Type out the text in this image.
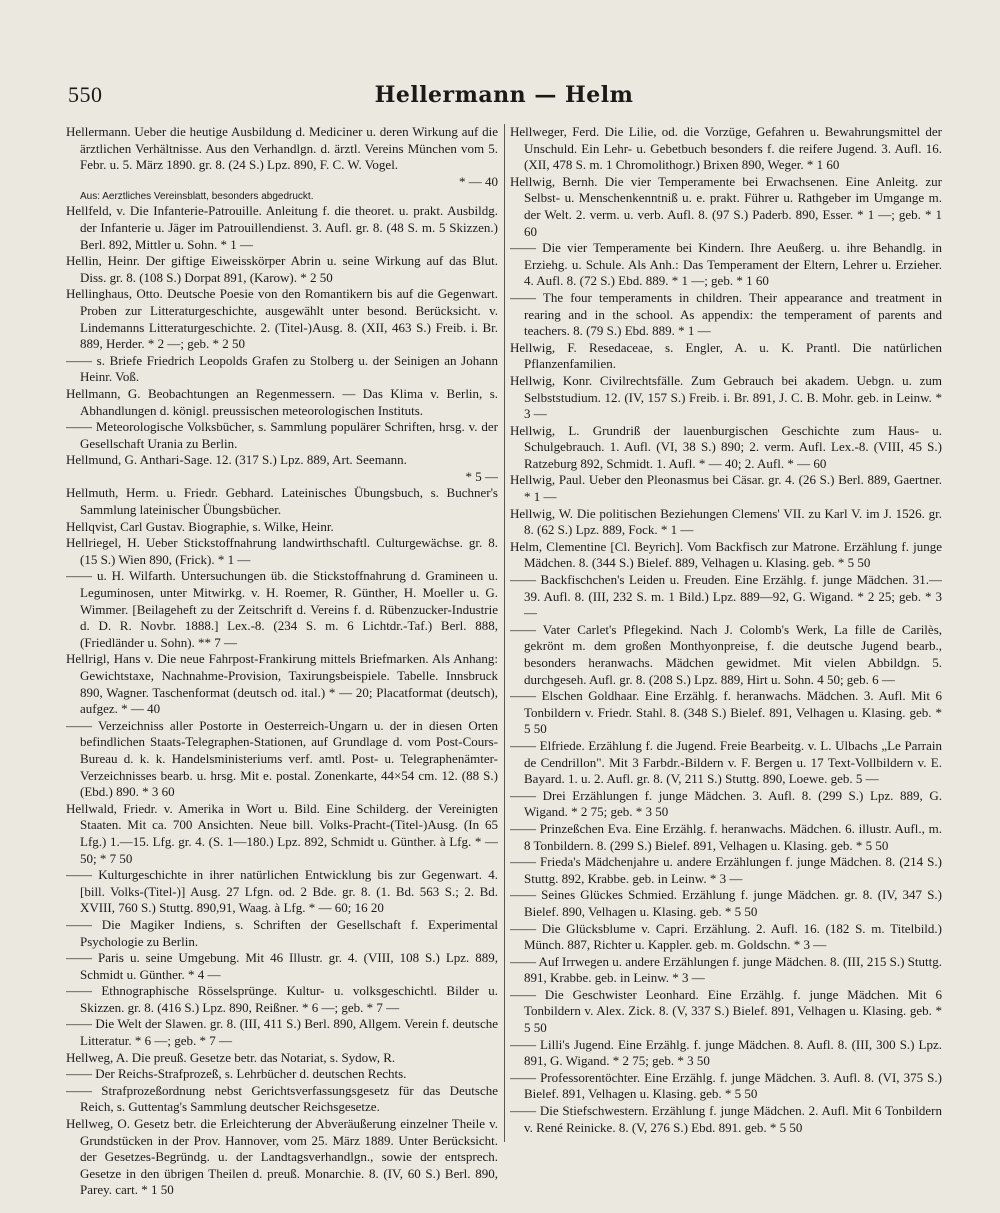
550	Hellermann — Helm

Hellermann. Ueber die heutige Ausbildung d. Mediciner u. deren Wirkung auf die ärztlichen Verhältnisse. Aus den Verhandlgn. d. ärztl. Vereins München vom 5. Febr. u. 5. März 1890. gr. 8. (24 S.) Lpz. 890, F. C. W. Vogel.

* — 40

Aus: Aerztliches Vereinsblatt, besonders abgedruckt.

Hellfeld, v. Die Infanterie-Patrouille. Anleitung f. die theoret. u. prakt. Ausbildg. der Infanterie u. Jäger im Patrouillendienst. 3. Aufl. gr. 8. (48 S. m. 5 Skizzen.) Berl. 892, Mittler u. Sohn. * 1 —

Hellin, Heinr. Der giftige Eiweisskörper Abrin u. seine Wirkung auf das Blut. Diss. gr. 8. (108 S.) Dorpat 891, (Karow). * 2 50

Hellinghaus, Otto. Deutsche Poesie von den Romantikern bis auf die Gegenwart. Proben zur Litteraturgeschichte, ausgewählt unter besond. Berücksicht. v. Lindemanns Litteraturgeschichte. 2. (Titel-)Ausg. 8. (XII, 463 S.) Freib. i. Br. 889, Herder. * 2 —; geb. * 2 50

—— s. Briefe Friedrich Leopolds Grafen zu Stolberg u. der Seinigen an Johann Heinr. Voß.

Hellmann, G. Beobachtungen an Regenmessern. — Das Klima v. Berlin, s. Abhandlungen d. königl. preussischen meteorologischen Instituts.

—— Meteorologische Volksbücher, s. Sammlung populärer Schriften, hrsg. v. der Gesellschaft Urania zu Berlin.

Hellmund, G. Anthari-Sage. 12. (317 S.) Lpz. 889, Art. Seemann.

* 5 —

Hellmuth, Herm. u. Friedr. Gebhard. Lateinisches Übungsbuch, s. Buchner's Sammlung lateinischer Übungsbücher.

Hellqvist, Carl Gustav. Biographie, s. Wilke, Heinr.

Hellriegel, H. Ueber Stickstoffnahrung landwirthschaftl. Culturgewächse. gr. 8. (15 S.) Wien 890, (Frick). * 1 —

—— u. H. Wilfarth. Untersuchungen üb. die Stickstoffnahrung d. Gramineen u. Leguminosen, unter Mitwirkg. v. H. Roemer, R. Günther, H. Moeller u. G. Wimmer. [Beilageheft zu der Zeitschrift d. Vereins f. d. Rübenzucker-Industrie d. D. R. Novbr. 1888.] Lex.-8. (234 S. m. 6 Lichtdr.-Taf.) Berl. 888, (Friedländer u. Sohn). ** 7 —

Hellrigl, Hans v. Die neue Fahrpost-Frankirung mittels Briefmarken. Als Anhang: Gewichtstaxe, Nachnahme-Provision, Taxirungsbeispiele. Tabelle. Innsbruck 890, Wagner. Taschenformat (deutsch od. ital.) * — 20; Placatformat (deutsch), aufgez. * — 40

—— Verzeichniss aller Postorte in Oesterreich-Ungarn u. der in diesen Orten befindlichen Staats-Telegraphen-Stationen, auf Grundlage d. vom Post-Cours-Bureau d. k. k. Handelsministeriums verf. amtl. Post- u. Telegraphenämter-Verzeichnisses bearb. u. hrsg. Mit e. postal. Zonenkarte, 44×54 cm. 12. (88 S.) (Ebd.) 890. * 3 60

Hellwald, Friedr. v. Amerika in Wort u. Bild. Eine Schilderg. der Vereinigten Staaten. Mit ca. 700 Ansichten. Neue bill. Volks-Pracht-(Titel-)Ausg. (In 65 Lfg.) 1.—15. Lfg. gr. 4. (S. 1—180.) Lpz. 892, Schmidt u. Günther. à Lfg. * — 50; * 7 50

—— Kulturgeschichte in ihrer natürlichen Entwicklung bis zur Gegenwart. 4. [bill. Volks-(Titel-)] Ausg. 27 Lfgn. od. 2 Bde. gr. 8. (1. Bd. 563 S.; 2. Bd. XVIII, 760 S.) Stuttg. 890,91, Waag. à Lfg. * — 60; 16 20

—— Die Magiker Indiens, s. Schriften der Gesellschaft f. Experimental Psychologie zu Berlin.

—— Paris u. seine Umgebung. Mit 46 Illustr. gr. 4. (VIII, 108 S.) Lpz. 889, Schmidt u. Günther. * 4 —

—— Ethnographische Rösselsprünge. Kultur- u. volksgeschichtl. Bilder u. Skizzen. gr. 8. (416 S.) Lpz. 890, Reißner. * 6 —; geb. * 7 —

—— Die Welt der Slawen. gr. 8. (III, 411 S.) Berl. 890, Allgem. Verein f. deutsche Litteratur. * 6 —; geb. * 7 —

Hellweg, A. Die preuß. Gesetze betr. das Notariat, s. Sydow, R.

—— Der Reichs-Strafprozeß, s. Lehrbücher d. deutschen Rechts.

—— Strafprozeßordnung nebst Gerichtsverfassungsgesetz für das Deutsche Reich, s. Guttentag's Sammlung deutscher Reichsgesetze.

Hellweg, O. Gesetz betr. die Erleichterung der Abveräußerung einzelner Theile v. Grundstücken in der Prov. Hannover, vom 25. März 1889. Unter Berücksicht. der Gesetzes-Begründg. u. der Landtagsverhandlgn., sowie der entsprech. Gesetze in den übrigen Theilen d. preuß. Monarchie. 8. (IV, 60 S.) Berl. 890, Parey. cart. * 1 50

Hellweger, Ferd. Die Lilie, od. die Vorzüge, Gefahren u. Bewahrungsmittel der Unschuld. Ein Lehr- u. Gebetbuch besonders f. die reifere Jugend. 3. Aufl. 16. (XII, 478 S. m. 1 Chromolithogr.) Brixen 890, Weger. * 1 60

Hellwig, Bernh. Die vier Temperamente bei Erwachsenen. Eine Anleitg. zur Selbst- u. Menschenkenntniß u. e. prakt. Führer u. Rathgeber im Umgange m. der Welt. 2. verm. u. verb. Aufl. 8. (97 S.) Paderb. 890, Esser. * 1 —; geb. * 1 60

—— Die vier Temperamente bei Kindern. Ihre Aeußerg. u. ihre Behandlg. in Erziehg. u. Schule. Als Anh.: Das Temperament der Eltern, Lehrer u. Erzieher. 4. Aufl. 8. (72 S.) Ebd. 889. * 1 —; geb. * 1 60

—— The four temperaments in children. Their appearance and treatment in rearing and in the school. As appendix: the temperament of parents and teachers. 8. (79 S.) Ebd. 889. * 1 —

Hellwig, F. Resedaceae, s. Engler, A. u. K. Prantl. Die natürlichen Pflanzenfamilien.

Hellwig, Konr. Civilrechtsfälle. Zum Gebrauch bei akadem. Uebgn. u. zum Selbststudium. 12. (IV, 157 S.) Freib. i. Br. 891, J. C. B. Mohr. geb. in Leinw. * 3 —

Hellwig, L. Grundriß der lauenburgischen Geschichte zum Haus- u. Schulgebrauch. 1. Aufl. (VI, 38 S.) 890; 2. verm. Aufl. Lex.-8. (VIII, 45 S.) Ratzeburg 892, Schmidt. 1. Aufl. * — 40; 2. Aufl. * — 60

Hellwig, Paul. Ueber den Pleonasmus bei Cäsar. gr. 4. (26 S.) Berl. 889, Gaertner. * 1 —

Hellwig, W. Die politischen Beziehungen Clemens' VII. zu Karl V. im J. 1526. gr. 8. (62 S.) Lpz. 889, Fock. * 1 —

Helm, Clementine [Cl. Beyrich]. Vom Backfisch zur Matrone. Erzählung f. junge Mädchen. 8. (344 S.) Bielef. 889, Velhagen u. Klasing. geb. * 5 50

—— Backfischchen's Leiden u. Freuden. Eine Erzählg. f. junge Mädchen. 31.—39. Aufl. 8. (III, 232 S. m. 1 Bild.) Lpz. 889—92, G. Wigand. * 2 25; geb. * 3 —

—— Vater Carlet's Pflegekind. Nach J. Colomb's Werk, La fille de Carilès, gekrönt m. dem großen Monthyonpreise, f. die deutsche Jugend bearb., besonders heranwachs. Mädchen gewidmet. Mit vielen Abbildgn. 5. durchgeseh. Aufl. gr. 8. (208 S.) Lpz. 889, Hirt u. Sohn. 4 50; geb. 6 —

—— Elschen Goldhaar. Eine Erzählg. f. heranwachs. Mädchen. 3. Aufl. Mit 6 Tonbildern v. Friedr. Stahl. 8. (348 S.) Bielef. 891, Velhagen u. Klasing. geb. * 5 50

—— Elfriede. Erzählung f. die Jugend. Freie Bearbeitg. v. L. Ulbachs „Le Parrain de Cendrillon". Mit 3 Farbdr.-Bildern v. F. Bergen u. 17 Text-Vollbildern v. E. Bayard. 1. u. 2. Aufl. gr. 8. (V, 211 S.) Stuttg. 890, Loewe. geb. 5 —

—— Drei Erzählungen f. junge Mädchen. 3. Aufl. 8. (299 S.) Lpz. 889, G. Wigand. * 2 75; geb. * 3 50

—— Prinzeßchen Eva. Eine Erzählg. f. heranwachs. Mädchen. 6. illustr. Aufl., m. 8 Tonbildern. 8. (299 S.) Bielef. 891, Velhagen u. Klasing. geb. * 5 50

—— Frieda's Mädchenjahre u. andere Erzählungen f. junge Mädchen. 8. (214 S.) Stuttg. 892, Krabbe. geb. in Leinw. * 3 —

—— Seines Glückes Schmied. Erzählung f. junge Mädchen. gr. 8. (IV, 347 S.) Bielef. 890, Velhagen u. Klasing. geb. * 5 50

—— Die Glücksblume v. Capri. Erzählung. 2. Aufl. 16. (182 S. m. Titelbild.) Münch. 887, Richter u. Kappler. geb. m. Goldschn. * 3 —

—— Auf Irrwegen u. andere Erzählungen f. junge Mädchen. 8. (III, 215 S.) Stuttg. 891, Krabbe. geb. in Leinw. * 3 —

—— Die Geschwister Leonhard. Eine Erzählg. f. junge Mädchen. Mit 6 Tonbildern v. Alex. Zick. 8. (V, 337 S.) Bielef. 891, Velhagen u. Klasing. geb. * 5 50

—— Lilli's Jugend. Eine Erzählg. f. junge Mädchen. 8. Aufl. 8. (III, 300 S.) Lpz. 891, G. Wigand. * 2 75; geb. * 3 50

—— Professorentöchter. Eine Erzählg. f. junge Mädchen. 3. Aufl. 8. (VI, 375 S.) Bielef. 891, Velhagen u. Klasing. geb. * 5 50

—— Die Stiefschwestern. Erzählung f. junge Mädchen. 2. Aufl. Mit 6 Tonbildern v. René Reinicke. 8. (V, 276 S.) Ebd. 891. geb. * 5 50
